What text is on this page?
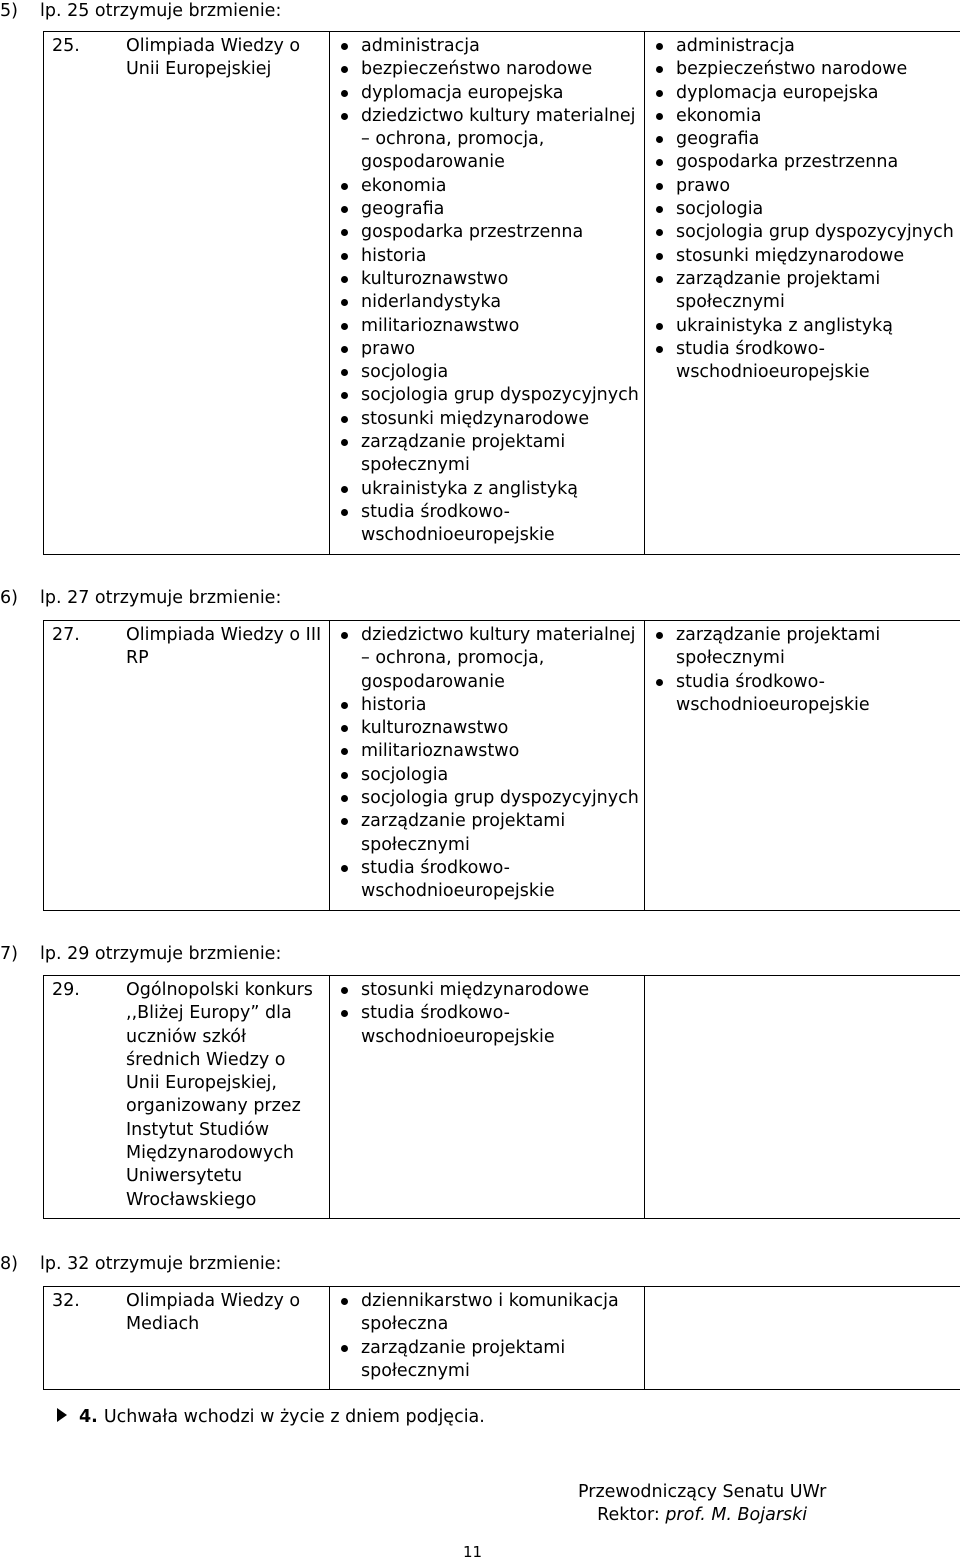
5) lp. 25 otrzymuje brzmienie:
25.	Olimpiada Wiedzy o Unii Europejskiej

administracja
bezpieczeństwo narodowe
dyplomacja europejska
dziedzictwo kultury materialnej – ochrona, promocja, gospodarowanie
ekonomia
geografia
gospodarka przestrzenna
historia
kulturoznawstwo
niderlandystyka
militarioznawstwo
prawo
socjologia
socjologia grup dyspozycyjnych
stosunki międzynarodowe
zarządzanie projektami społecznymi
ukrainistyka z anglistyką
studia środkowo-wschodnioeuropejskie

administracja
bezpieczeństwo narodowe
dyplomacja europejska
ekonomia
geografia
gospodarka przestrzenna
prawo
socjologia
socjologia grup dyspozycyjnych
stosunki międzynarodowe
zarządzanie projektami społecznymi
ukrainistyka z anglistyką
studia środkowo-wschodnioeuropejskie
6) lp. 27 otrzymuje brzmienie:
27.	Olimpiada Wiedzy o III RP

dziedzictwo kultury materialnej – ochrona, promocja, gospodarowanie
historia
kulturoznawstwo
militarioznawstwo
socjologia
socjologia grup dyspozycyjnych
zarządzanie projektami społecznymi
studia środkowo-wschodnioeuropejskie

zarządzanie projektami społecznymi
studia środkowo-wschodnioeuropejskie
7) lp. 29 otrzymuje brzmienie:
29.	Ogólnopolski konkurs ,,Bliżej Europy” dla uczniów szkół średnich Wiedzy o Unii Europejskiej, organizowany przez Instytut Studiów Międzynarodowych Uniwersytetu Wrocławskiego

stosunki międzynarodowe
studia środkowo-wschodnioeuropejskie

8) lp. 32 otrzymuje brzmienie:
32.	Olimpiada Wiedzy o Mediach

dziennikarstwo i komunikacja społeczna
zarządzanie projektami społecznymi

4. Uchwała wchodzi w życie z dniem podjęcia.
Przewodniczący Senatu UWr
Rektor: prof. M. Bojarski
11
